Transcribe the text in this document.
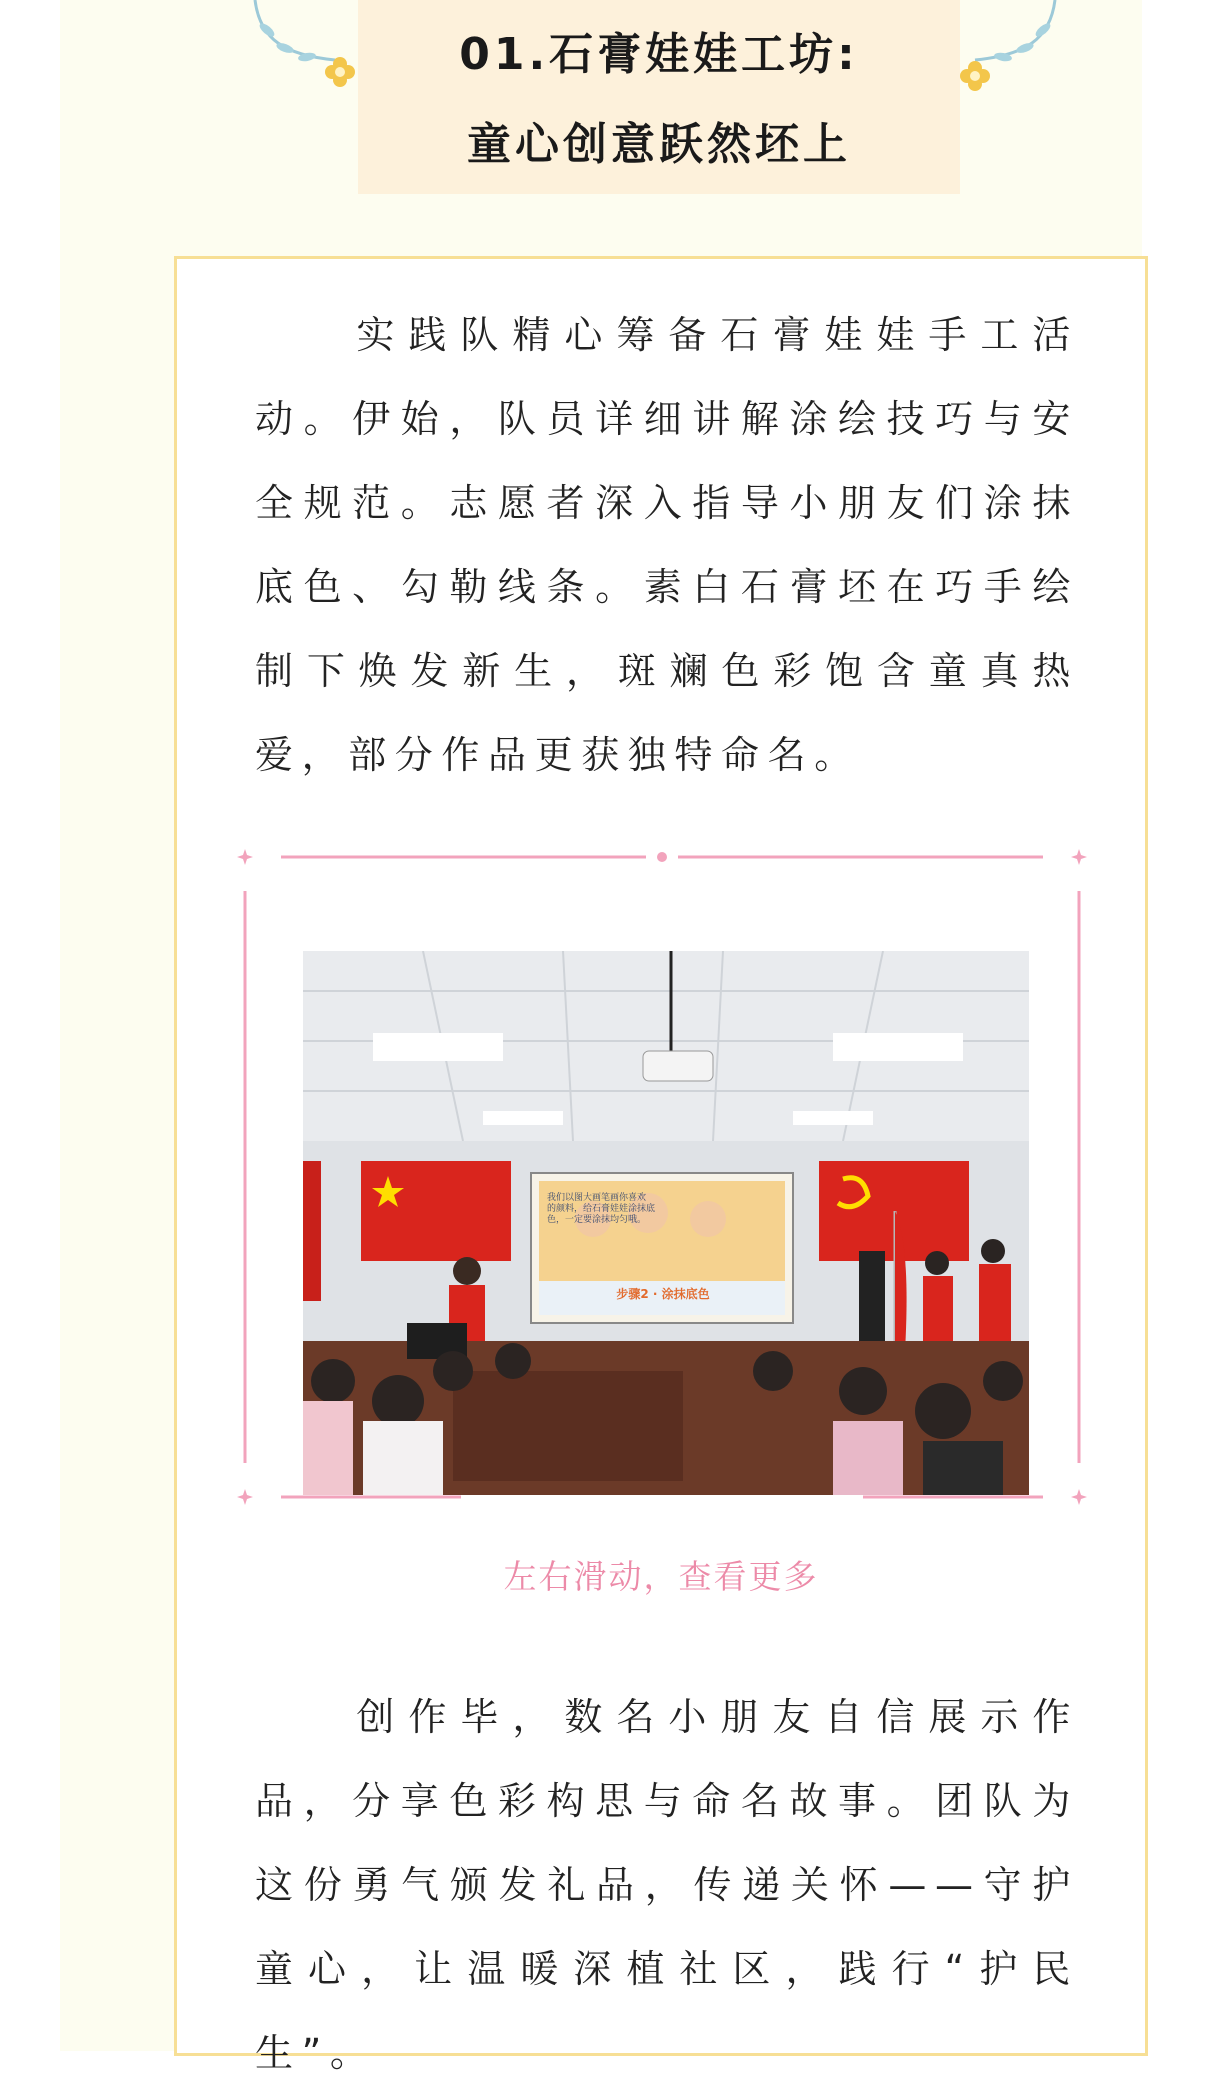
01.石膏娃娃工坊:
童心创意跃然坯上
实践队精心筹备石膏娃娃手工活动。伊始，队员详细讲解涂绘技巧与安全规范。志愿者深入指导小朋友们涂抹底色、勾勒线条。素白石膏坯在巧手绘制下焕发新生，斑斓色彩饱含童真热爱，部分作品更获独特命名。
我们以图大画笔画你喜欢
的颜料，给石膏娃娃涂抹底
色，一定要涂抹均匀哦。
步骤2 · 涂抹底色
左右滑动，查看更多
创作毕，数名小朋友自信展示作品，分享色彩构思与命名故事。团队为这份勇气颁发礼品，传递关怀——守护童心，让温暖深植社区，践行“护民生”。
